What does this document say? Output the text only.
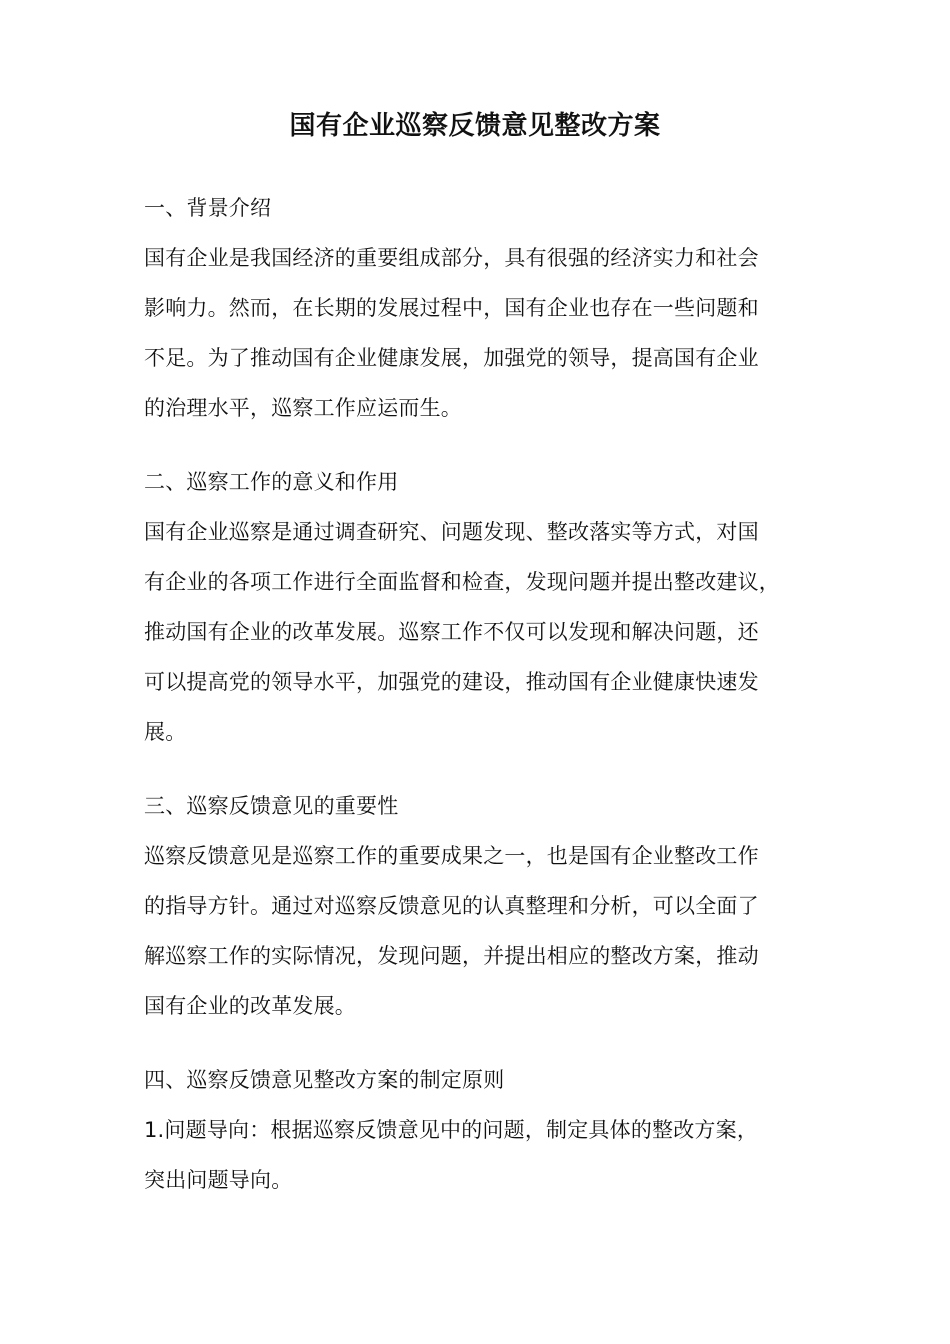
国有企业巡察反馈意见整改方案
一、背景介绍
国有企业是我国经济的重要组成部分，具有很强的经济实力和社会
影响力。然而，在长期的发展过程中，国有企业也存在一些问题和
不足。为了推动国有企业健康发展，加强党的领导，提高国有企业
的治理水平，巡察工作应运而生。
二、巡察工作的意义和作用
国有企业巡察是通过调查研究、问题发现、整改落实等方式，对国
有企业的各项工作进行全面监督和检查，发现问题并提出整改建议，
推动国有企业的改革发展。巡察工作不仅可以发现和解决问题，还
可以提高党的领导水平，加强党的建设，推动国有企业健康快速发
展。
三、巡察反馈意见的重要性
巡察反馈意见是巡察工作的重要成果之一，也是国有企业整改工作
的指导方针。通过对巡察反馈意见的认真整理和分析，可以全面了
解巡察工作的实际情况，发现问题，并提出相应的整改方案，推动
国有企业的改革发展。
四、巡察反馈意见整改方案的制定原则
1.问题导向：根据巡察反馈意见中的问题，制定具体的整改方案，
突出问题导向。
